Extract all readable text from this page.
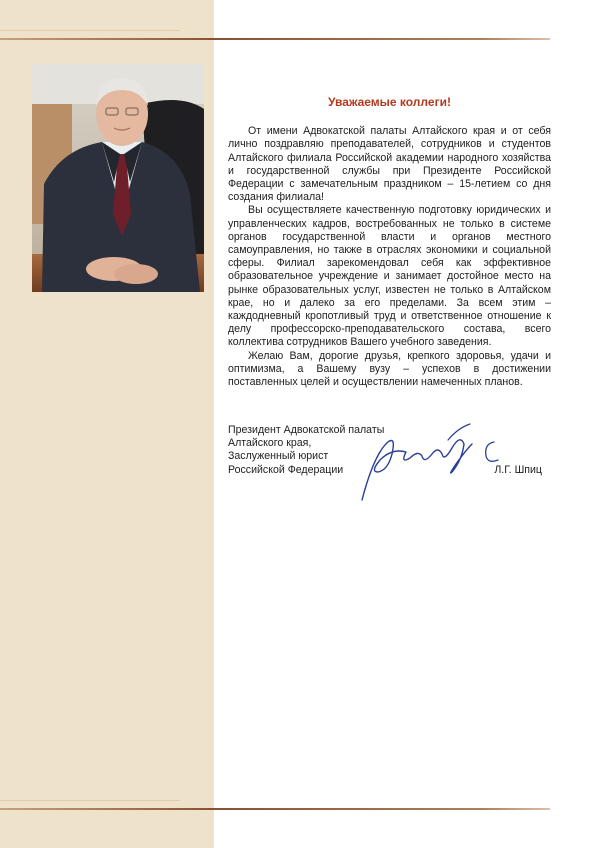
Уважаемые коллеги!

От имени Адвокатской палаты Алтайского края и от себя лично поздравляю преподавателей, сотрудников и студентов Алтайского филиала Российской академии народного хозяйства и государственной службы при Президенте Российской Федерации с замечательным праздником – 15-летием со дня создания филиала!

Вы осуществляете качественную подготовку юридических и управленческих кадров, востребованных не только в системе органов государственной власти и органов местного самоуправления, но также в отраслях экономики и социальной сферы. Филиал зарекомендовал себя как эффективное образовательное учреждение и занимает достойное место на рынке образовательных услуг, известен не только в Алтайском крае, но и далеко за его пределами. За всем этим – каждодневный кропотливый труд и ответственное отношение к делу профессорско-преподавательского состава, всего коллектива сотрудников Вашего учебного заведения.

Желаю Вам, дорогие друзья, крепкого здоровья, удачи и оптимизма, а Вашему вузу – успехов в достижении поставленных целей и осуществлении намеченных планов.

Президент Адвокатской палаты
Алтайского края,
Заслуженный юрист
Российской Федерации	Л.Г. Шпиц
